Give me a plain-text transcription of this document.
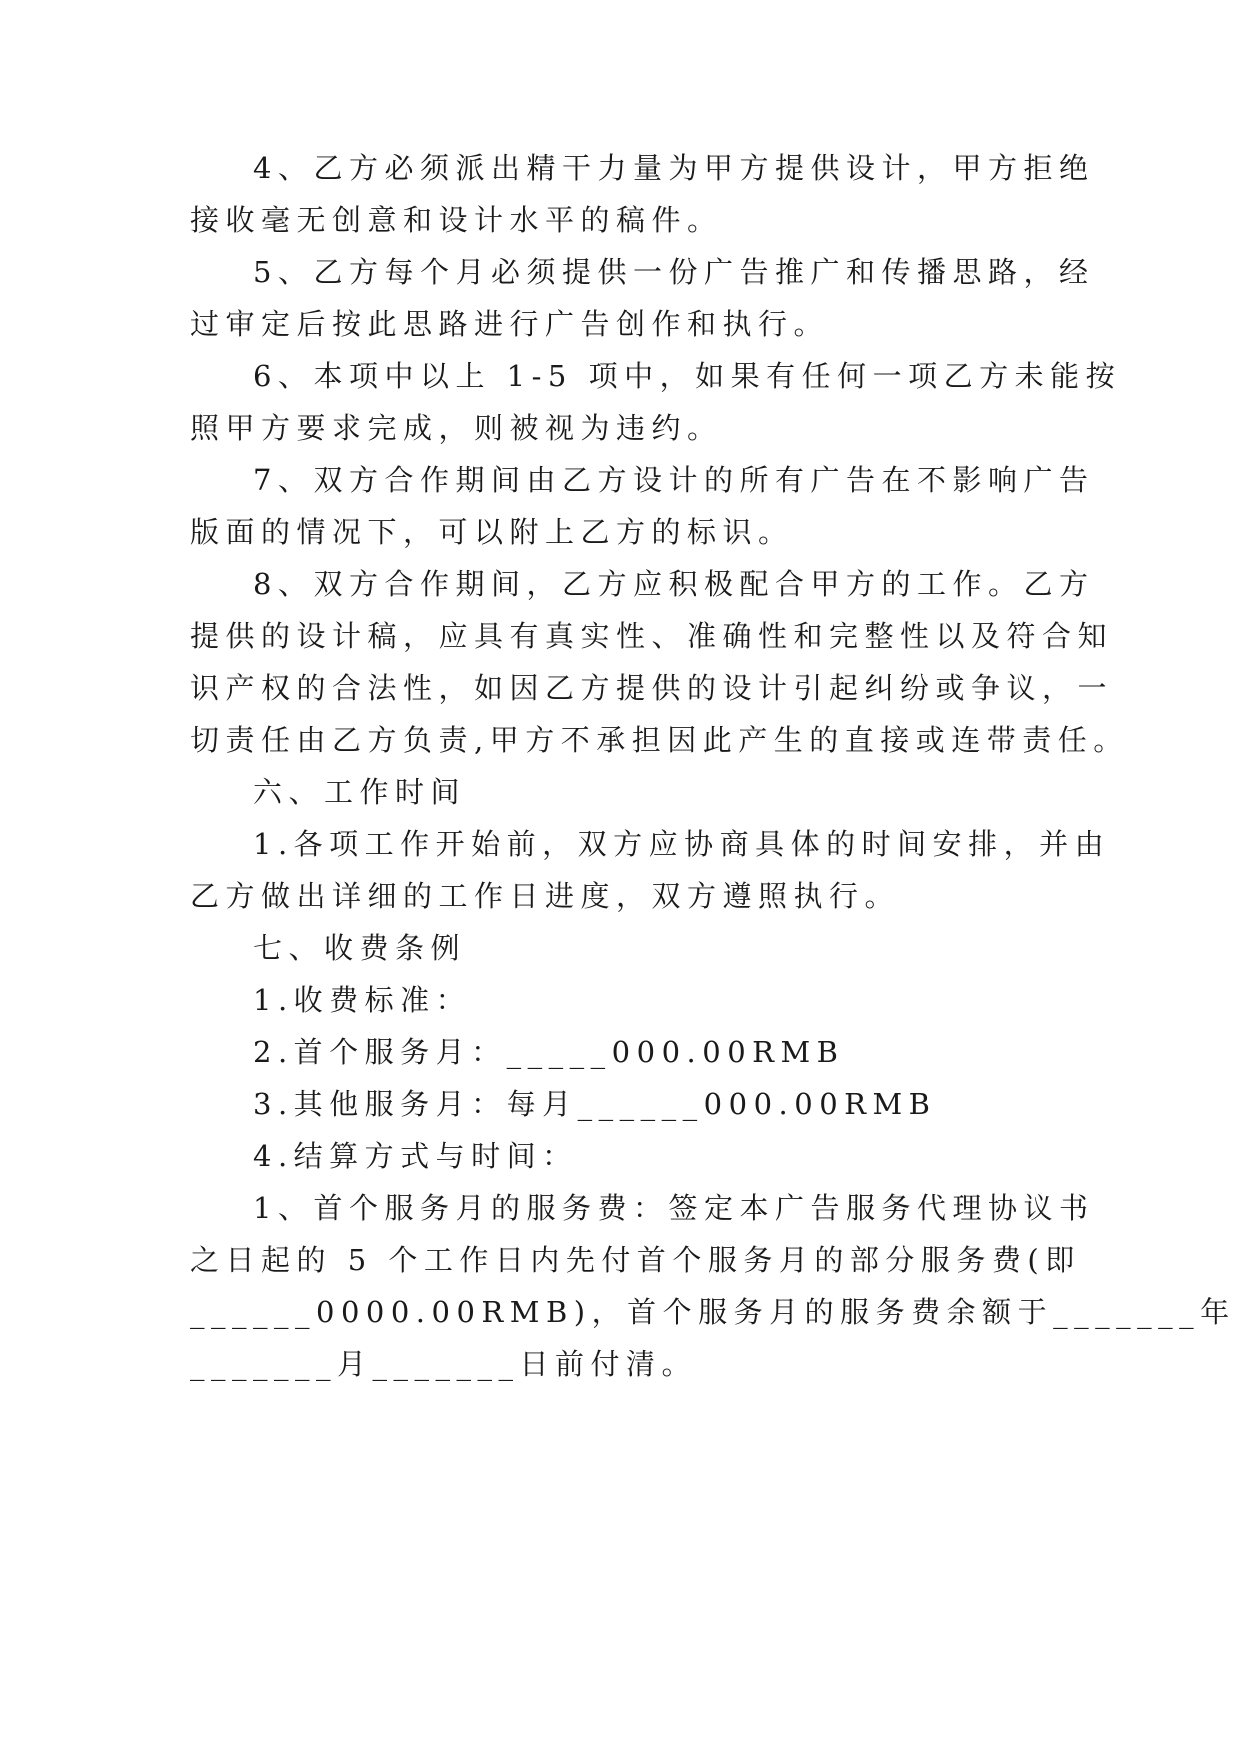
4、乙方必须派出精干力量为甲方提供设计，甲方拒绝
接收毫无创意和设计水平的稿件。
5、乙方每个月必须提供一份广告推广和传播思路，经
过审定后按此思路进行广告创作和执行。
6、本项中以上 1-5 项中，如果有任何一项乙方未能按
照甲方要求完成，则被视为违约。
7、双方合作期间由乙方设计的所有广告在不影响广告
版面的情况下，可以附上乙方的标识。
8、双方合作期间，乙方应积极配合甲方的工作。乙方
提供的设计稿，应具有真实性、准确性和完整性以及符合知
识产权的合法性，如因乙方提供的设计引起纠纷或争议，一
切责任由乙方负责,甲方不承担因此产生的直接或连带责任。
六、工作时间
1.各项工作开始前，双方应协商具体的时间安排，并由
乙方做出详细的工作日进度，双方遵照执行。
七、收费条例
1.收费标准：
2.首个服务月：_____000.00RMB
3.其他服务月：每月______000.00RMB
4.结算方式与时间：
1、首个服务月的服务费：签定本广告服务代理协议书
之日起的 5 个工作日内先付首个服务月的部分服务费(即
______0000.00RMB)，首个服务月的服务费余额于_______年
_______月_______日前付清。
